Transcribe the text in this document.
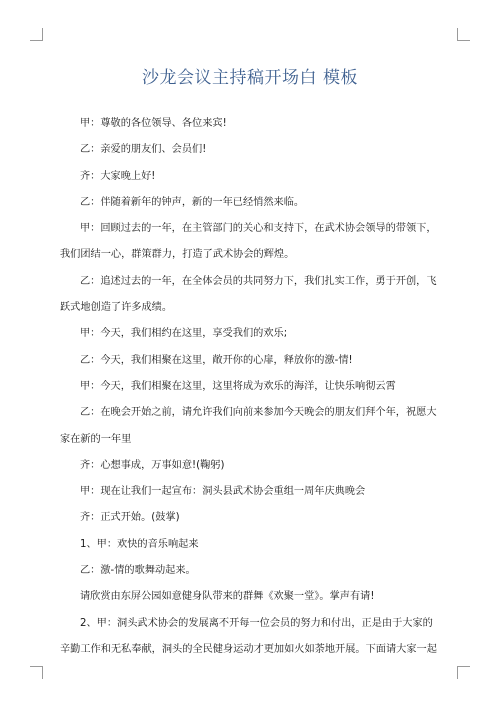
沙龙会议主持稿开场白 模板

甲：尊敬的各位领导、各位来宾!

乙：亲爱的朋友们、会员们!

齐：大家晚上好!

乙：伴随着新年的钟声，新的一年已经悄然来临。

甲：回顾过去的一年，在主管部门的关心和支持下，在武术协会领导的带领下，我们团结一心，群策群力，打造了武术协会的辉煌。

乙：追述过去的一年，在全体会员的共同努力下，我们扎实工作，勇于开创，飞跃式地创造了许多成绩。

甲：今天，我们相约在这里，享受我们的欢乐;

乙：今天，我们相聚在这里，敞开你的心扉，释放你的激-情!

甲：今天，我们相聚在这里，这里将成为欢乐的海洋，让快乐响彻云霄

乙：在晚会开始之前，请允许我们向前来参加今天晚会的朋友们拜个年，祝愿大家在新的一年里

齐：心想事成，万事如意!(鞠躬)

甲：现在让我们一起宣布：洞头县武术协会重组一周年庆典晚会

齐：正式开始。(鼓掌)

1、甲：欢快的音乐响起来

乙：激-情的歌舞动起来。

请欣赏由东屏公园如意健身队带来的群舞《欢聚一堂》。掌声有请!

2、甲：洞头武术协会的发展离不开每一位会员的努力和付出，正是由于大家的辛勤工作和无私奉献，洞头的全民健身运动才更加如火如荼地开展。下面请大家一起
